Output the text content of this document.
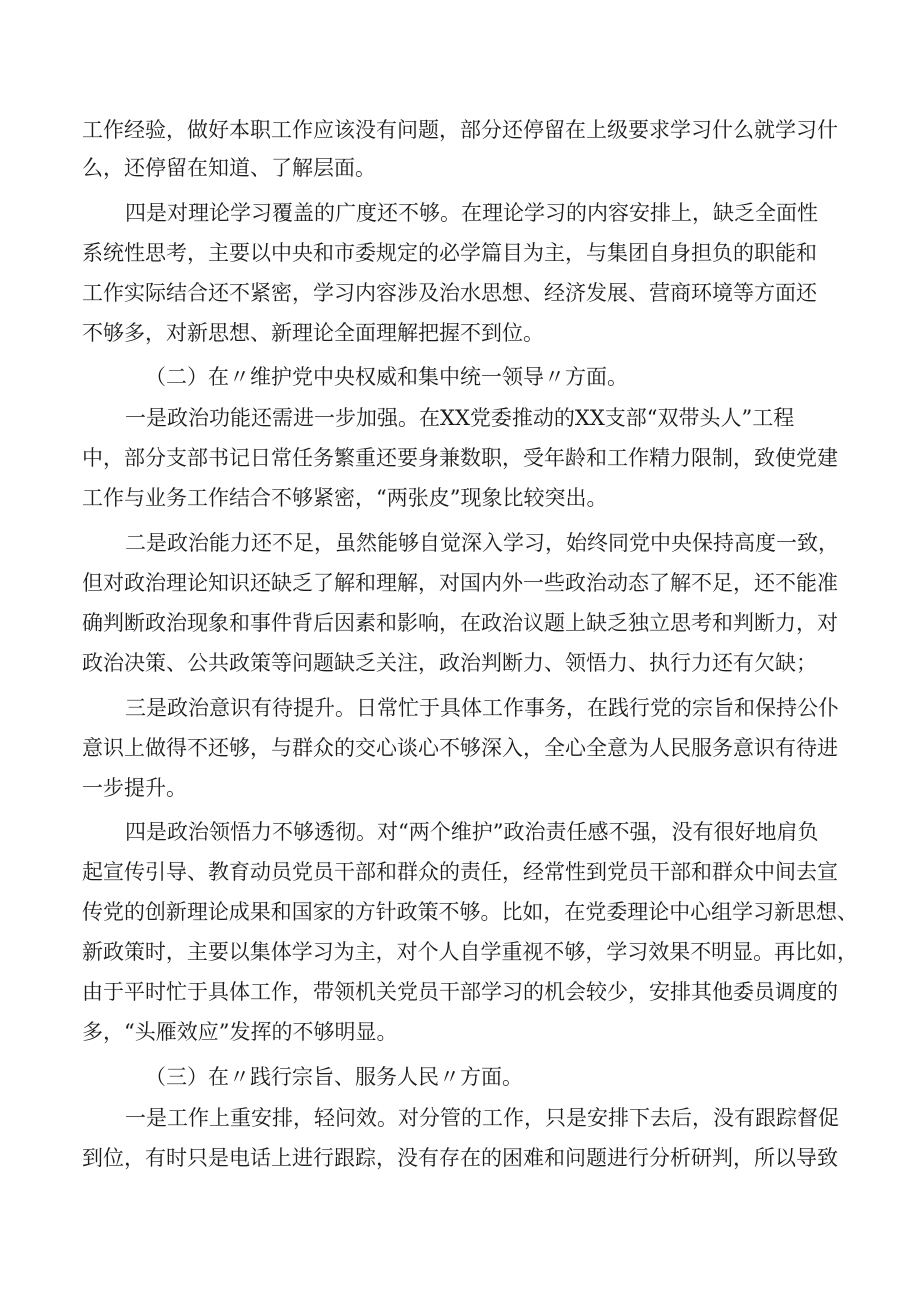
工作经验，做好本职工作应该没有问题，部分还停留在上级要求学习什么就学习什
么，还停留在知道、了解层面。
四是对理论学习覆盖的广度还不够。在理论学习的内容安排上，缺乏全面性
系统性思考，主要以中央和市委规定的必学篇目为主，与集团自身担负的职能和
工作实际结合还不紧密，学习内容涉及治水思想、经济发展、营商环境等方面还
不够多，对新思想、新理论全面理解把握不到位。
（二）在〃维护党中央权威和集中统一领导〃方面。
一是政治功能还需进一步加强。在XX党委推动的XX支部“双带头人”工程
中，部分支部书记日常任务繁重还要身兼数职，受年龄和工作精力限制，致使党建
工作与业务工作结合不够紧密，“两张皮”现象比较突出。
二是政治能力还不足，虽然能够自觉深入学习，始终同党中央保持高度一致，
但对政治理论知识还缺乏了解和理解，对国内外一些政治动态了解不足，还不能准
确判断政治现象和事件背后因素和影响，在政治议题上缺乏独立思考和判断力，对
政治决策、公共政策等问题缺乏关注，政治判断力、领悟力、执行力还有欠缺；
三是政治意识有待提升。日常忙于具体工作事务，在践行党的宗旨和保持公仆
意识上做得不还够，与群众的交心谈心不够深入，全心全意为人民服务意识有待进
一步提升。
四是政治领悟力不够透彻。对“两个维护”政治责任感不强，没有很好地肩负
起宣传引导、教育动员党员干部和群众的责任，经常性到党员干部和群众中间去宣
传党的创新理论成果和国家的方针政策不够。比如，在党委理论中心组学习新思想、
新政策时，主要以集体学习为主，对个人自学重视不够，学习效果不明显。再比如，
由于平时忙于具体工作，带领机关党员干部学习的机会较少，安排其他委员调度的
多，“头雁效应”发挥的不够明显。
（三）在〃践行宗旨、服务人民〃方面。
一是工作上重安排，轻问效。对分管的工作，只是安排下去后，没有跟踪督促
到位，有时只是电话上进行跟踪，没有存在的困难和问题进行分析研判，所以导致
